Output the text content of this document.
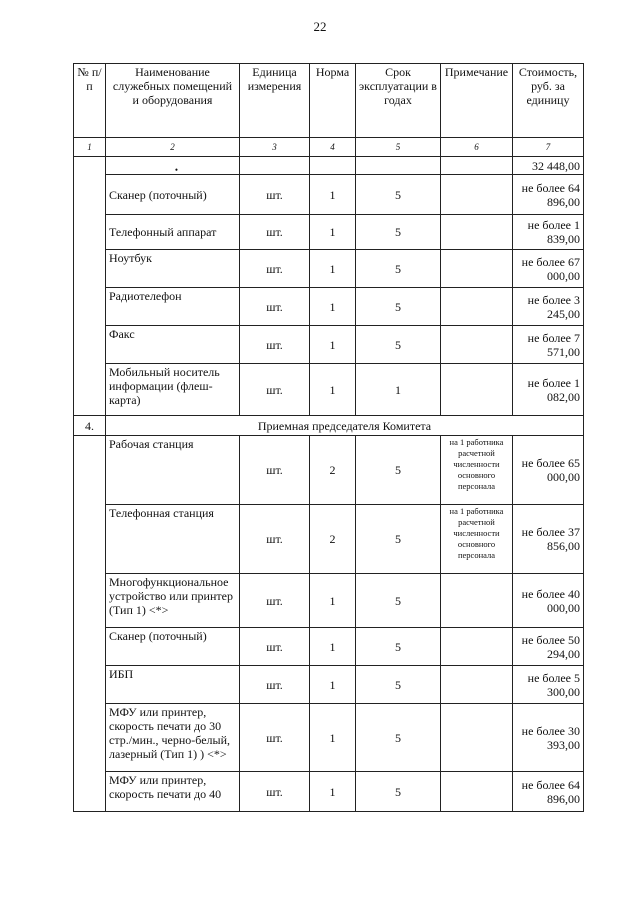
22
№ п/п	Наименование служебных помещений и оборудования	Единица измерения	Норма	Срок эксплуатации в годах	Примечание	Стоимость, руб. за единицу
1	2	3	4	5	6	7
	$_•$					32 448,00
	Сканер (поточный)	шт.	1	5		не более 64 896,00
	Телефонный аппарат	шт.	1	5		не более 1 839,00
	Ноутбук	шт.	1	5		не более 67 000,00
	Радиотелефон	шт.	1	5		не более 3 245,00
	Факс	шт.	1	5		не более 7 571,00
	Мобильный носитель информации (флеш-карта)	шт.	1	1		не более 1 082,00
4.	Приемная председателя Комитета					
	Рабочая станция	шт.	2	5	на 1 работника расчетной численности основного персонала	не более 65 000,00
	Телефонная станция	шт.	2	5	на 1 работника расчетной численности основного персонала	не более 37 856,00
	Многофункциональное устройство или принтер (Тип 1) <*>	шт.	1	5		не более 40 000,00
	Сканер (поточный)	шт.	1	5		не более 50 294,00
	ИБП	шт.	1	5		не более 5 300,00
	МФУ или принтер, скорость печати до 30 стр./мин., черно-белый, лазерный (Тип 1) ) <*>	шт.	1	5		не более 30 393,00
	МФУ или принтер, скорость печати до 40	шт.	1	5		не более 64 896,00
